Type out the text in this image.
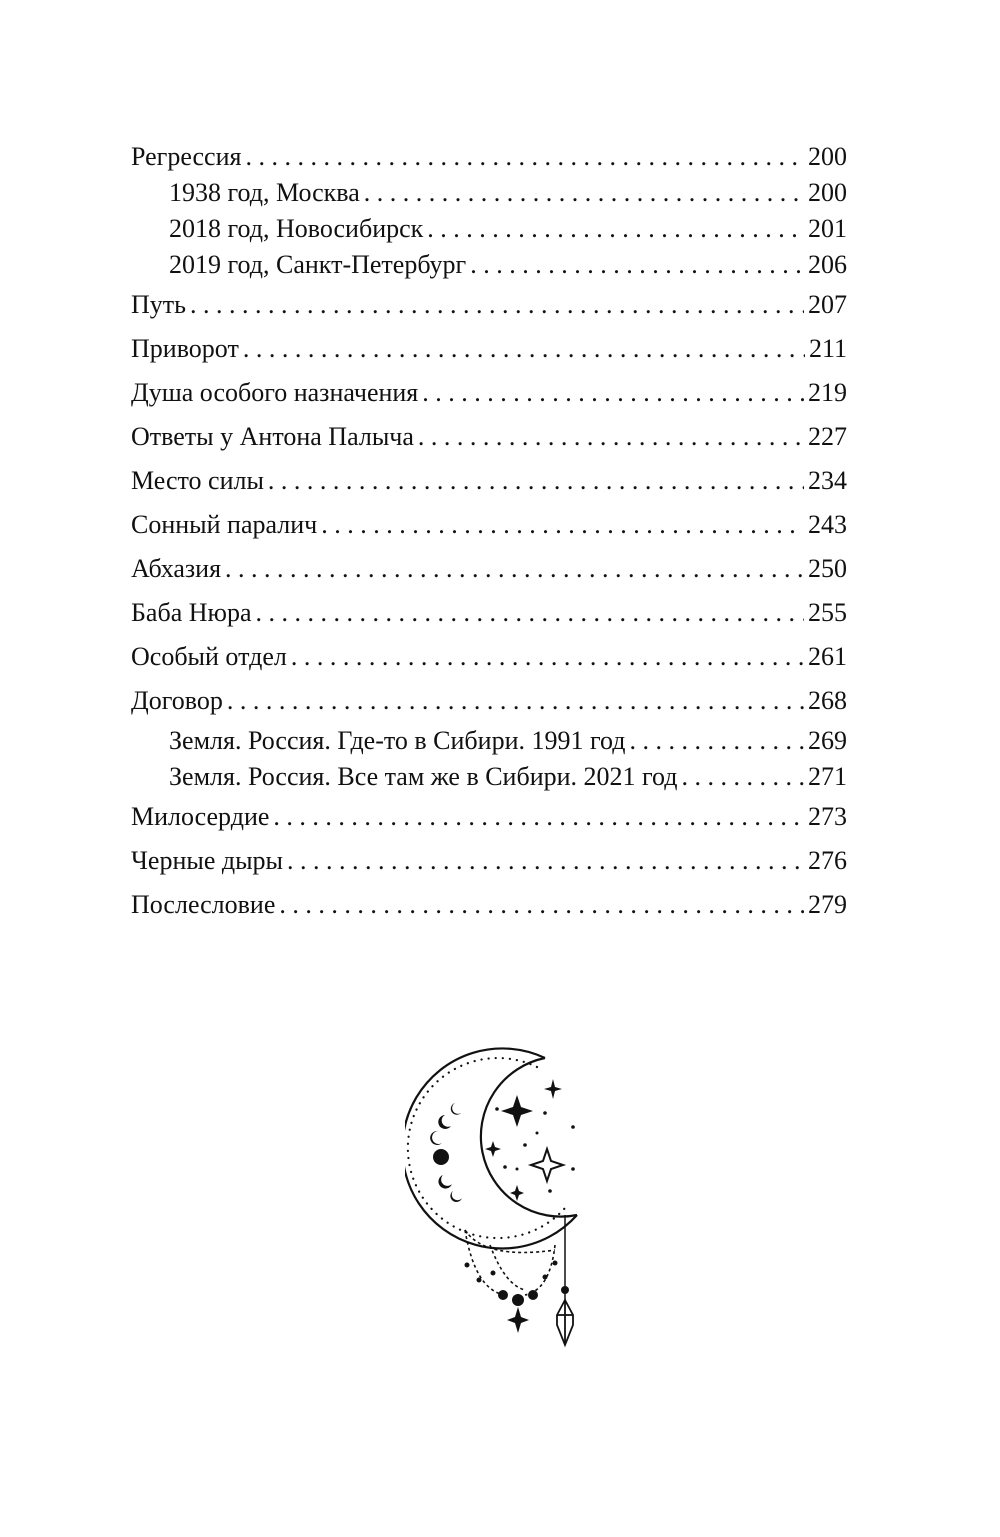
Регрессия . . .	200
1938 год, Москва . . .	200
2018 год, Новосибирск . . .	201
2019 год, Санкт-Петербург . . .	206
Путь . . .	207
Приворот . . .	211
Душа особого назначения . . .	219
Ответы у Антона Палыча . . .	227
Место силы . . .	234
Сонный паралич . . .	243
Абхазия . . .	250
Баба Нюра . . .	255
Особый отдел . . .	261
Договор . . .	268
Земля. Россия. Где-то в Сибири. 1991 год . . .	269
Земля. Россия. Все там же в Сибири. 2021 год . . .	271
Милосердие . . .	273
Черные дыры . . .	276
Послесловие . . .	279
